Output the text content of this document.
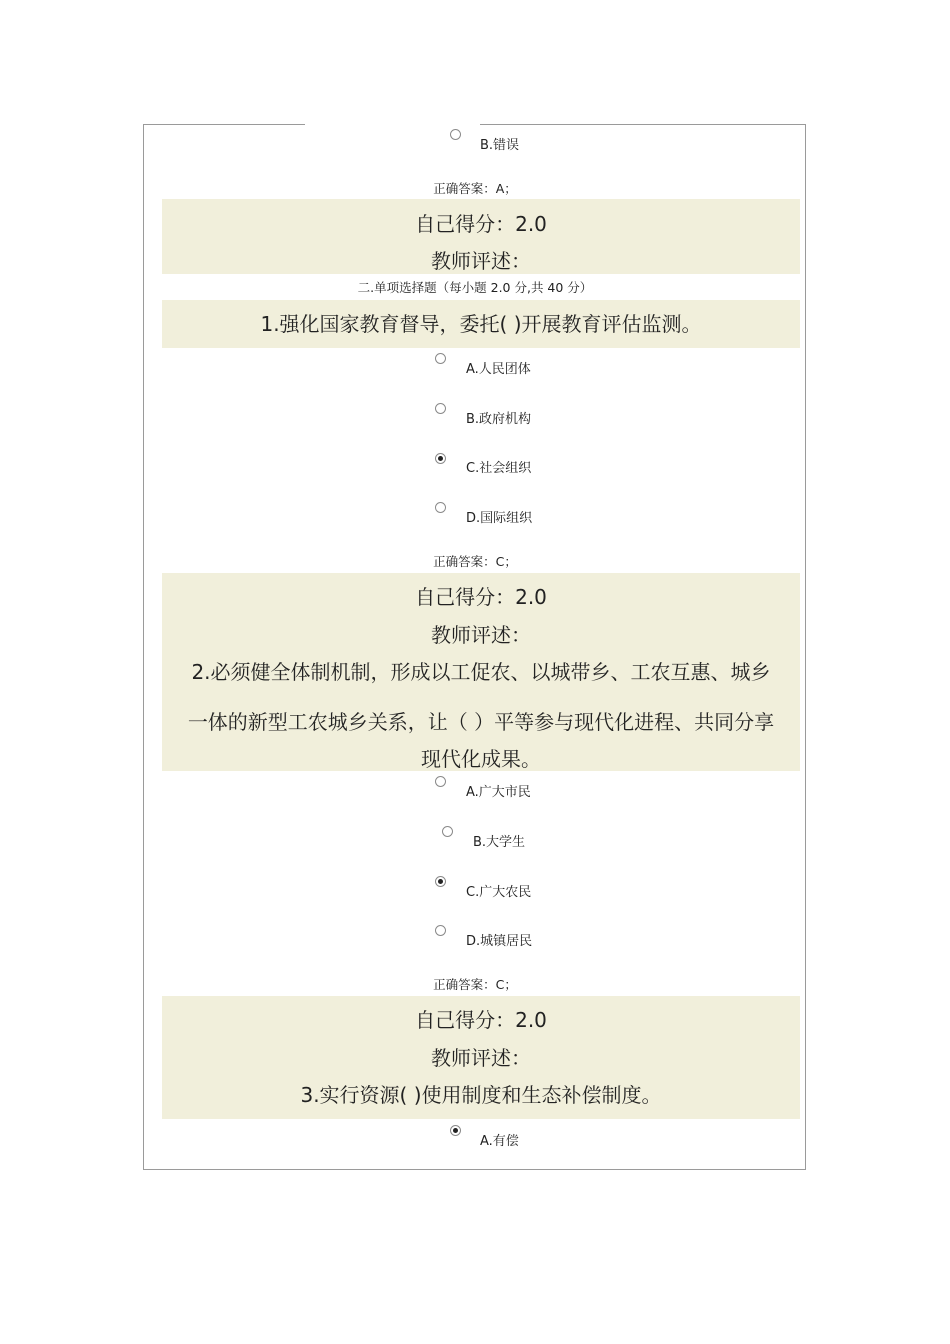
B.错误
正确答案：A；
自己得分：2.0
教师评述：
二.单项选择题（每小题 2.0 分,共 40 分）
1.强化国家教育督导，委托( )开展教育评估监测。
A.人民团体
B.政府机构
C.社会组织
D.国际组织
正确答案：C；
自己得分：2.0
教师评述：
2.必须健全体制机制，形成以工促农、以城带乡、工农互惠、城乡
一体的新型工农城乡关系，让（ ）平等参与现代化进程、共同分享
现代化成果。
A.广大市民
B.大学生
C.广大农民
D.城镇居民
正确答案：C；
自己得分：2.0
教师评述：
3.实行资源( )使用制度和生态补偿制度。
A.有偿
